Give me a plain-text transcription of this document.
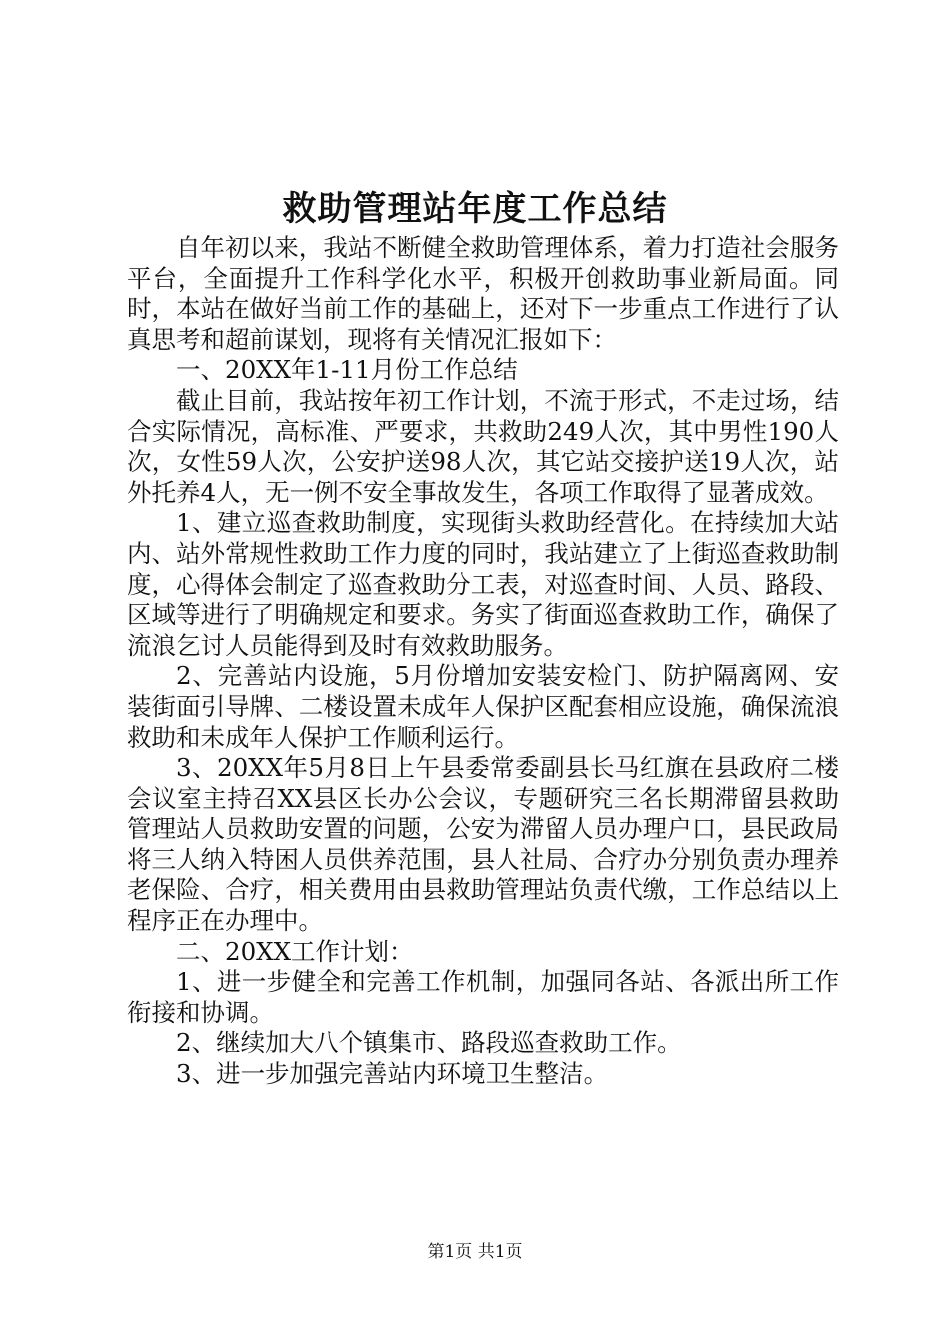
救助管理站年度工作总结

自年初以来，我站不断健全救助管理体系，着力打造社会服务平台，全面提升工作科学化水平，积极开创救助事业新局面。同时，本站在做好当前工作的基础上，还对下一步重点工作进行了认真思考和超前谋划，现将有关情况汇报如下：

一、20XX年1-11月份工作总结

截止目前，我站按年初工作计划，不流于形式，不走过场，结合实际情况，高标准、严要求，共救助249人次，其中男性190人次，女性59人次，公安护送98人次，其它站交接护送19人次，站外托养4人，无一例不安全事故发生，各项工作取得了显著成效。

1、建立巡查救助制度，实现街头救助经营化。在持续加大站内、站外常规性救助工作力度的同时，我站建立了上街巡查救助制度，心得体会制定了巡查救助分工表，对巡查时间、人员、路段、区域等进行了明确规定和要求。务实了街面巡查救助工作，确保了流浪乞讨人员能得到及时有效救助服务。

2、完善站内设施，5月份增加安装安检门、防护隔离网、安装街面引导牌、二楼设置未成年人保护区配套相应设施，确保流浪救助和未成年人保护工作顺利运行。

3、20XX年5月8日上午县委常委副县长马红旗在县政府二楼会议室主持召XX县区长办公会议，专题研究三名长期滞留县救助管理站人员救助安置的问题，公安为滞留人员办理户口，县民政局将三人纳入特困人员供养范围，县人社局、合疗办分别负责办理养老保险、合疗，相关费用由县救助管理站负责代缴，工作总结以上程序正在办理中。

二、20XX工作计划：

1、进一步健全和完善工作机制，加强同各站、各派出所工作衔接和协调。

2、继续加大八个镇集市、路段巡查救助工作。

3、进一步加强完善站内环境卫生整洁。

第1页 共1页
